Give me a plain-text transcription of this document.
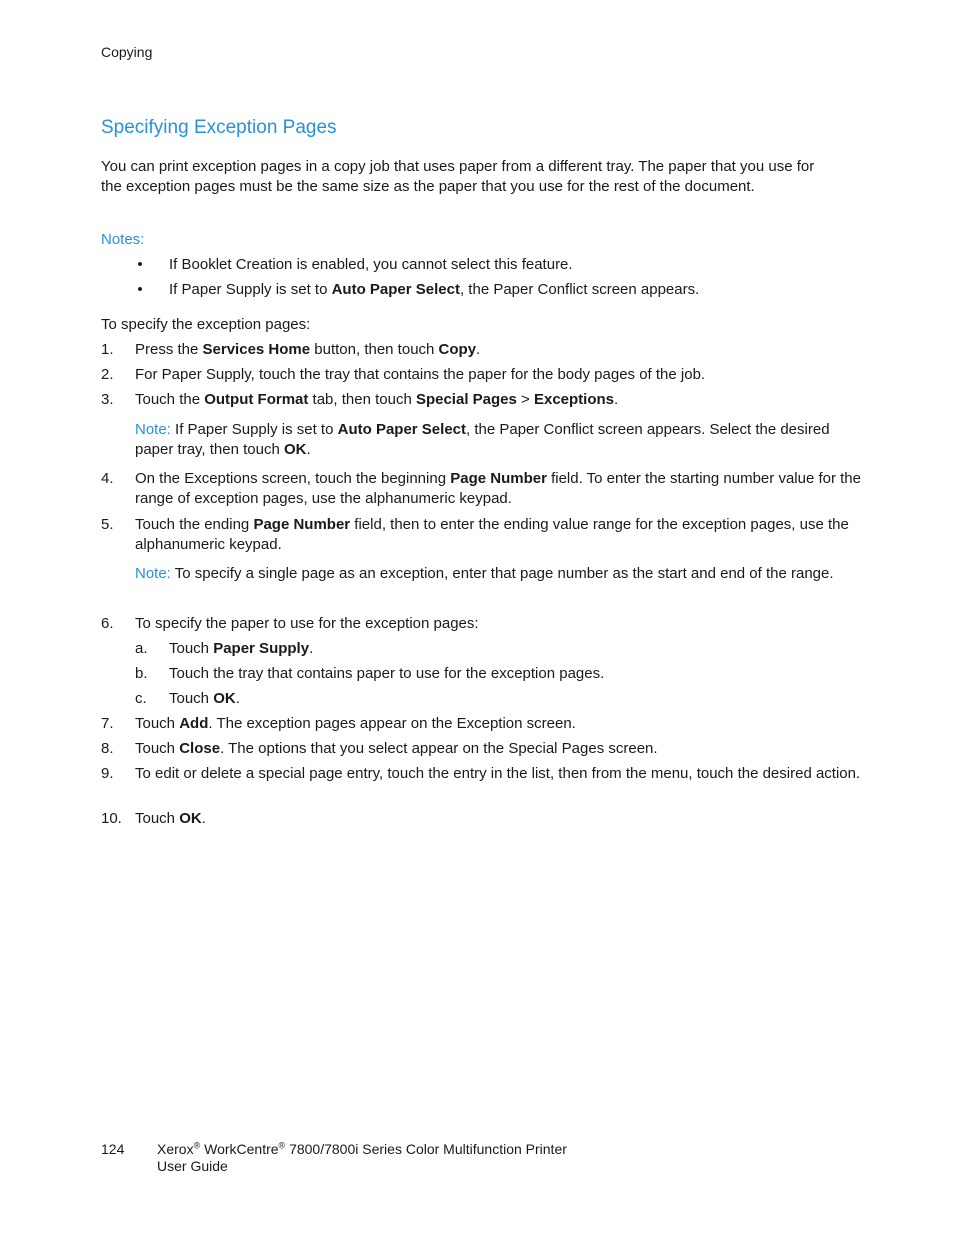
Copying
Specifying Exception Pages

You can print exception pages in a copy job that uses paper from a different tray. The paper that you use for the exception pages must be the same size as the paper that you use for the rest of the document.

Notes:
• If Booklet Creation is enabled, you cannot select this feature.
• If Paper Supply is set to Auto Paper Select, the Paper Conflict screen appears.

To specify the exception pages:

1. Press the Services Home button, then touch Copy.
2. For Paper Supply, touch the tray that contains the paper for the body pages of the job.
3. Touch the Output Format tab, then touch Special Pages > Exceptions.
Note: If Paper Supply is set to Auto Paper Select, the Paper Conflict screen appears. Select the desired paper tray, then touch OK.
4. On the Exceptions screen, touch the beginning Page Number field. To enter the starting number value for the range of exception pages, use the alphanumeric keypad.
5. Touch the ending Page Number field, then to enter the ending value range for the exception pages, use the alphanumeric keypad.
Note: To specify a single page as an exception, enter that page number as the start and end of the range.
6. To specify the paper to use for the exception pages:
a. Touch Paper Supply.
b. Touch the tray that contains paper to use for the exception pages.
c. Touch OK.
7. Touch Add. The exception pages appear on the Exception screen.
8. Touch Close. The options that you select appear on the Special Pages screen.
9. To edit or delete a special page entry, touch the entry in the list, then from the menu, touch the desired action.
10. Touch OK.
124 Xerox® WorkCentre® 7800/7800i Series Color Multifunction Printer
User Guide
